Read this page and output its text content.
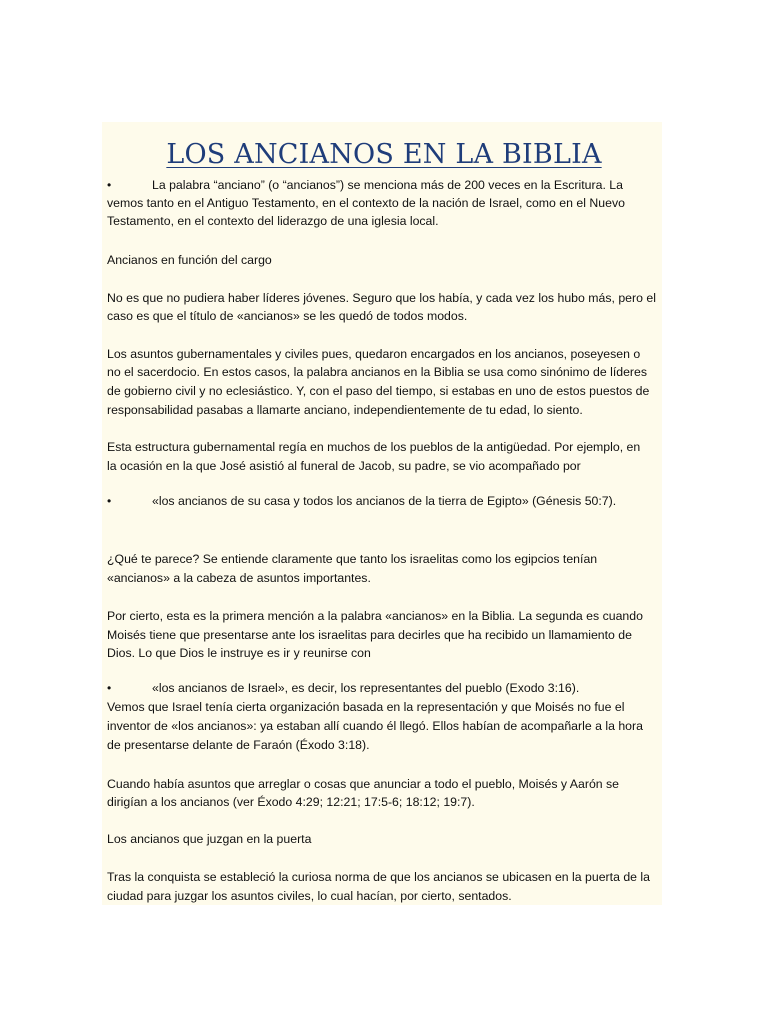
LOS ANCIANOS EN LA BIBLIA
•	La palabra “anciano” (o “ancianos”) se menciona más de 200 veces en la Escritura. La
vemos tanto en el Antiguo Testamento, en el contexto de la nación de Israel, como en el Nuevo
Testamento, en el contexto del liderazgo de una iglesia local.
Ancianos en función del cargo
No es que no pudiera haber líderes jóvenes. Seguro que los había, y cada vez los hubo más, pero el
caso es que el título de «ancianos» se les quedó de todos modos.
Los asuntos gubernamentales y civiles pues, quedaron encargados en los ancianos, poseyesen o
no el sacerdocio. En estos casos, la palabra ancianos en la Biblia se usa como sinónimo de líderes
de gobierno civil y no eclesiástico. Y, con el paso del tiempo, si estabas en uno de estos puestos de
responsabilidad pasabas a llamarte anciano, independientemente de tu edad, lo siento.
Esta estructura gubernamental regía en muchos de los pueblos de la antigüedad. Por ejemplo, en
la ocasión en la que José asistió al funeral de Jacob, su padre, se vio acompañado por
•	«los ancianos de su casa y todos los ancianos de la tierra de Egipto» (Génesis 50:7).
¿Qué te parece? Se entiende claramente que tanto los israelitas como los egipcios tenían
«ancianos» a la cabeza de asuntos importantes.
Por cierto, esta es la primera mención a la palabra «ancianos» en la Biblia. La segunda es cuando
Moisés tiene que presentarse ante los israelitas para decirles que ha recibido un llamamiento de
Dios. Lo que Dios le instruye es ir y reunirse con
•	«los ancianos de Israel», es decir, los representantes del pueblo (Exodo 3:16).
Vemos que Israel tenía cierta organización basada en la representación y que Moisés no fue el
inventor de «los ancianos»: ya estaban allí cuando él llegó. Ellos habían de acompañarle a la hora
de presentarse delante de Faraón (Éxodo 3:18).
Cuando había asuntos que arreglar o cosas que anunciar a todo el pueblo, Moisés y Aarón se
dirigían a los ancianos (ver Éxodo 4:29; 12:21; 17:5-6; 18:12; 19:7).
Los ancianos que juzgan en la puerta
Tras la conquista se estableció la curiosa norma de que los ancianos se ubicasen en la puerta de la
ciudad para juzgar los asuntos civiles, lo cual hacían, por cierto, sentados.
